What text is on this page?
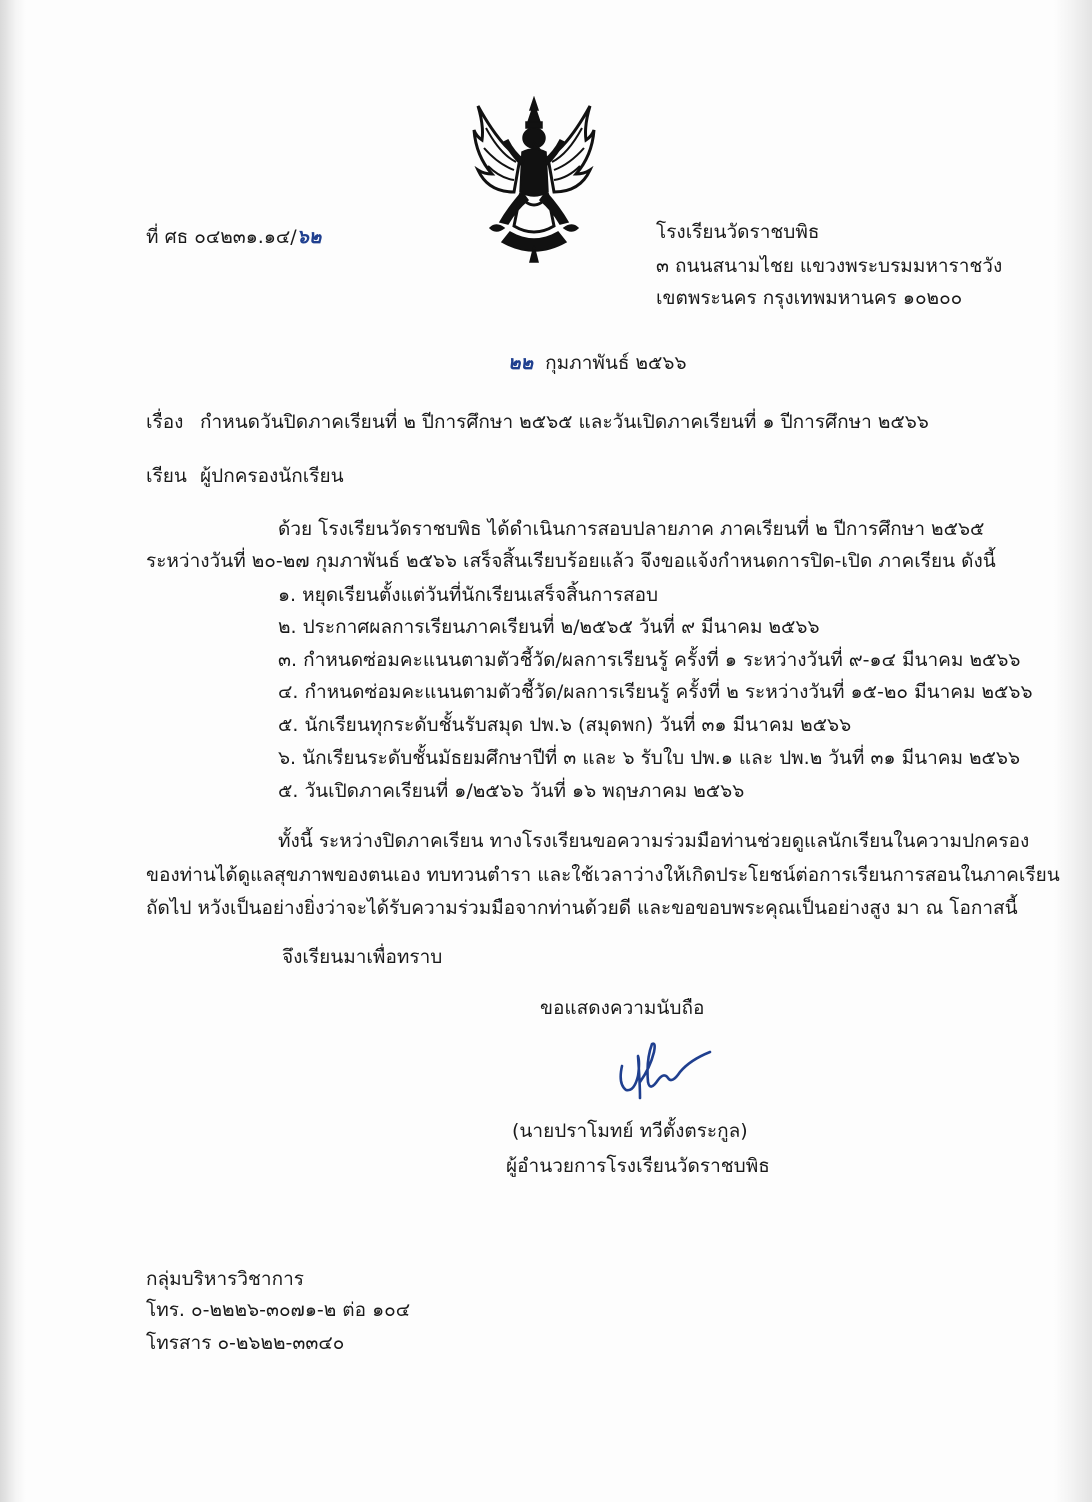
ที่ ศธ ๐๔๒๓๑.๑๔/๖๒	โรงเรียนวัดราชบพิธ
๓ ถนนสนามไชย แขวงพระบรมมหาราชวัง
เขตพระนคร กรุงเทพมหานคร ๑๐๒๐๐
๒๒ กุมภาพันธ์ ๒๕๖๖
เรื่อง กำหนดวันปิดภาคเรียนที่ ๒ ปีการศึกษา ๒๕๖๕ และวันเปิดภาคเรียนที่ ๑ ปีการศึกษา ๒๕๖๖
เรียน ผู้ปกครองนักเรียน
ด้วย โรงเรียนวัดราชบพิธ ได้ดำเนินการสอบปลายภาค ภาคเรียนที่ ๒ ปีการศึกษา ๒๕๖๕
ระหว่างวันที่ ๒๐-๒๗ กุมภาพันธ์ ๒๕๖๖ เสร็จสิ้นเรียบร้อยแล้ว จึงขอแจ้งกำหนดการปิด-เปิด ภาคเรียน ดังนี้
๑. หยุดเรียนตั้งแต่วันที่นักเรียนเสร็จสิ้นการสอบ
๒. ประกาศผลการเรียนภาคเรียนที่ ๒/๒๕๖๕ วันที่ ๙ มีนาคม ๒๕๖๖
๓. กำหนดซ่อมคะแนนตามตัวชี้วัด/ผลการเรียนรู้ ครั้งที่ ๑ ระหว่างวันที่ ๙-๑๔ มีนาคม ๒๕๖๖
๔. กำหนดซ่อมคะแนนตามตัวชี้วัด/ผลการเรียนรู้ ครั้งที่ ๒ ระหว่างวันที่ ๑๕-๒๐ มีนาคม ๒๕๖๖
๕. นักเรียนทุกระดับชั้นรับสมุด ปพ.๖ (สมุดพก) วันที่ ๓๑ มีนาคม ๒๕๖๖
๖. นักเรียนระดับชั้นมัธยมศึกษาปีที่ ๓ และ ๖ รับใบ ปพ.๑ และ ปพ.๒ วันที่ ๓๑ มีนาคม ๒๕๖๖
๕. วันเปิดภาคเรียนที่ ๑/๒๕๖๖ วันที่ ๑๖ พฤษภาคม ๒๕๖๖
ทั้งนี้ ระหว่างปิดภาคเรียน ทางโรงเรียนขอความร่วมมือท่านช่วยดูแลนักเรียนในความปกครอง
ของท่านได้ดูแลสุขภาพของตนเอง ทบทวนตำรา และใช้เวลาว่างให้เกิดประโยชน์ต่อการเรียนการสอนในภาคเรียน
ถัดไป หวังเป็นอย่างยิ่งว่าจะได้รับความร่วมมือจากท่านด้วยดี และขอขอบพระคุณเป็นอย่างสูง มา ณ โอกาสนี้
จึงเรียนมาเพื่อทราบ
ขอแสดงความนับถือ
(นายปราโมทย์ ทวีตั้งตระกูล)
ผู้อำนวยการโรงเรียนวัดราชบพิธ
กลุ่มบริหารวิชาการ
โทร. ๐-๒๒๒๖-๓๐๗๑-๒ ต่อ ๑๐๔
โทรสาร ๐-๒๖๒๒-๓๓๔๐
